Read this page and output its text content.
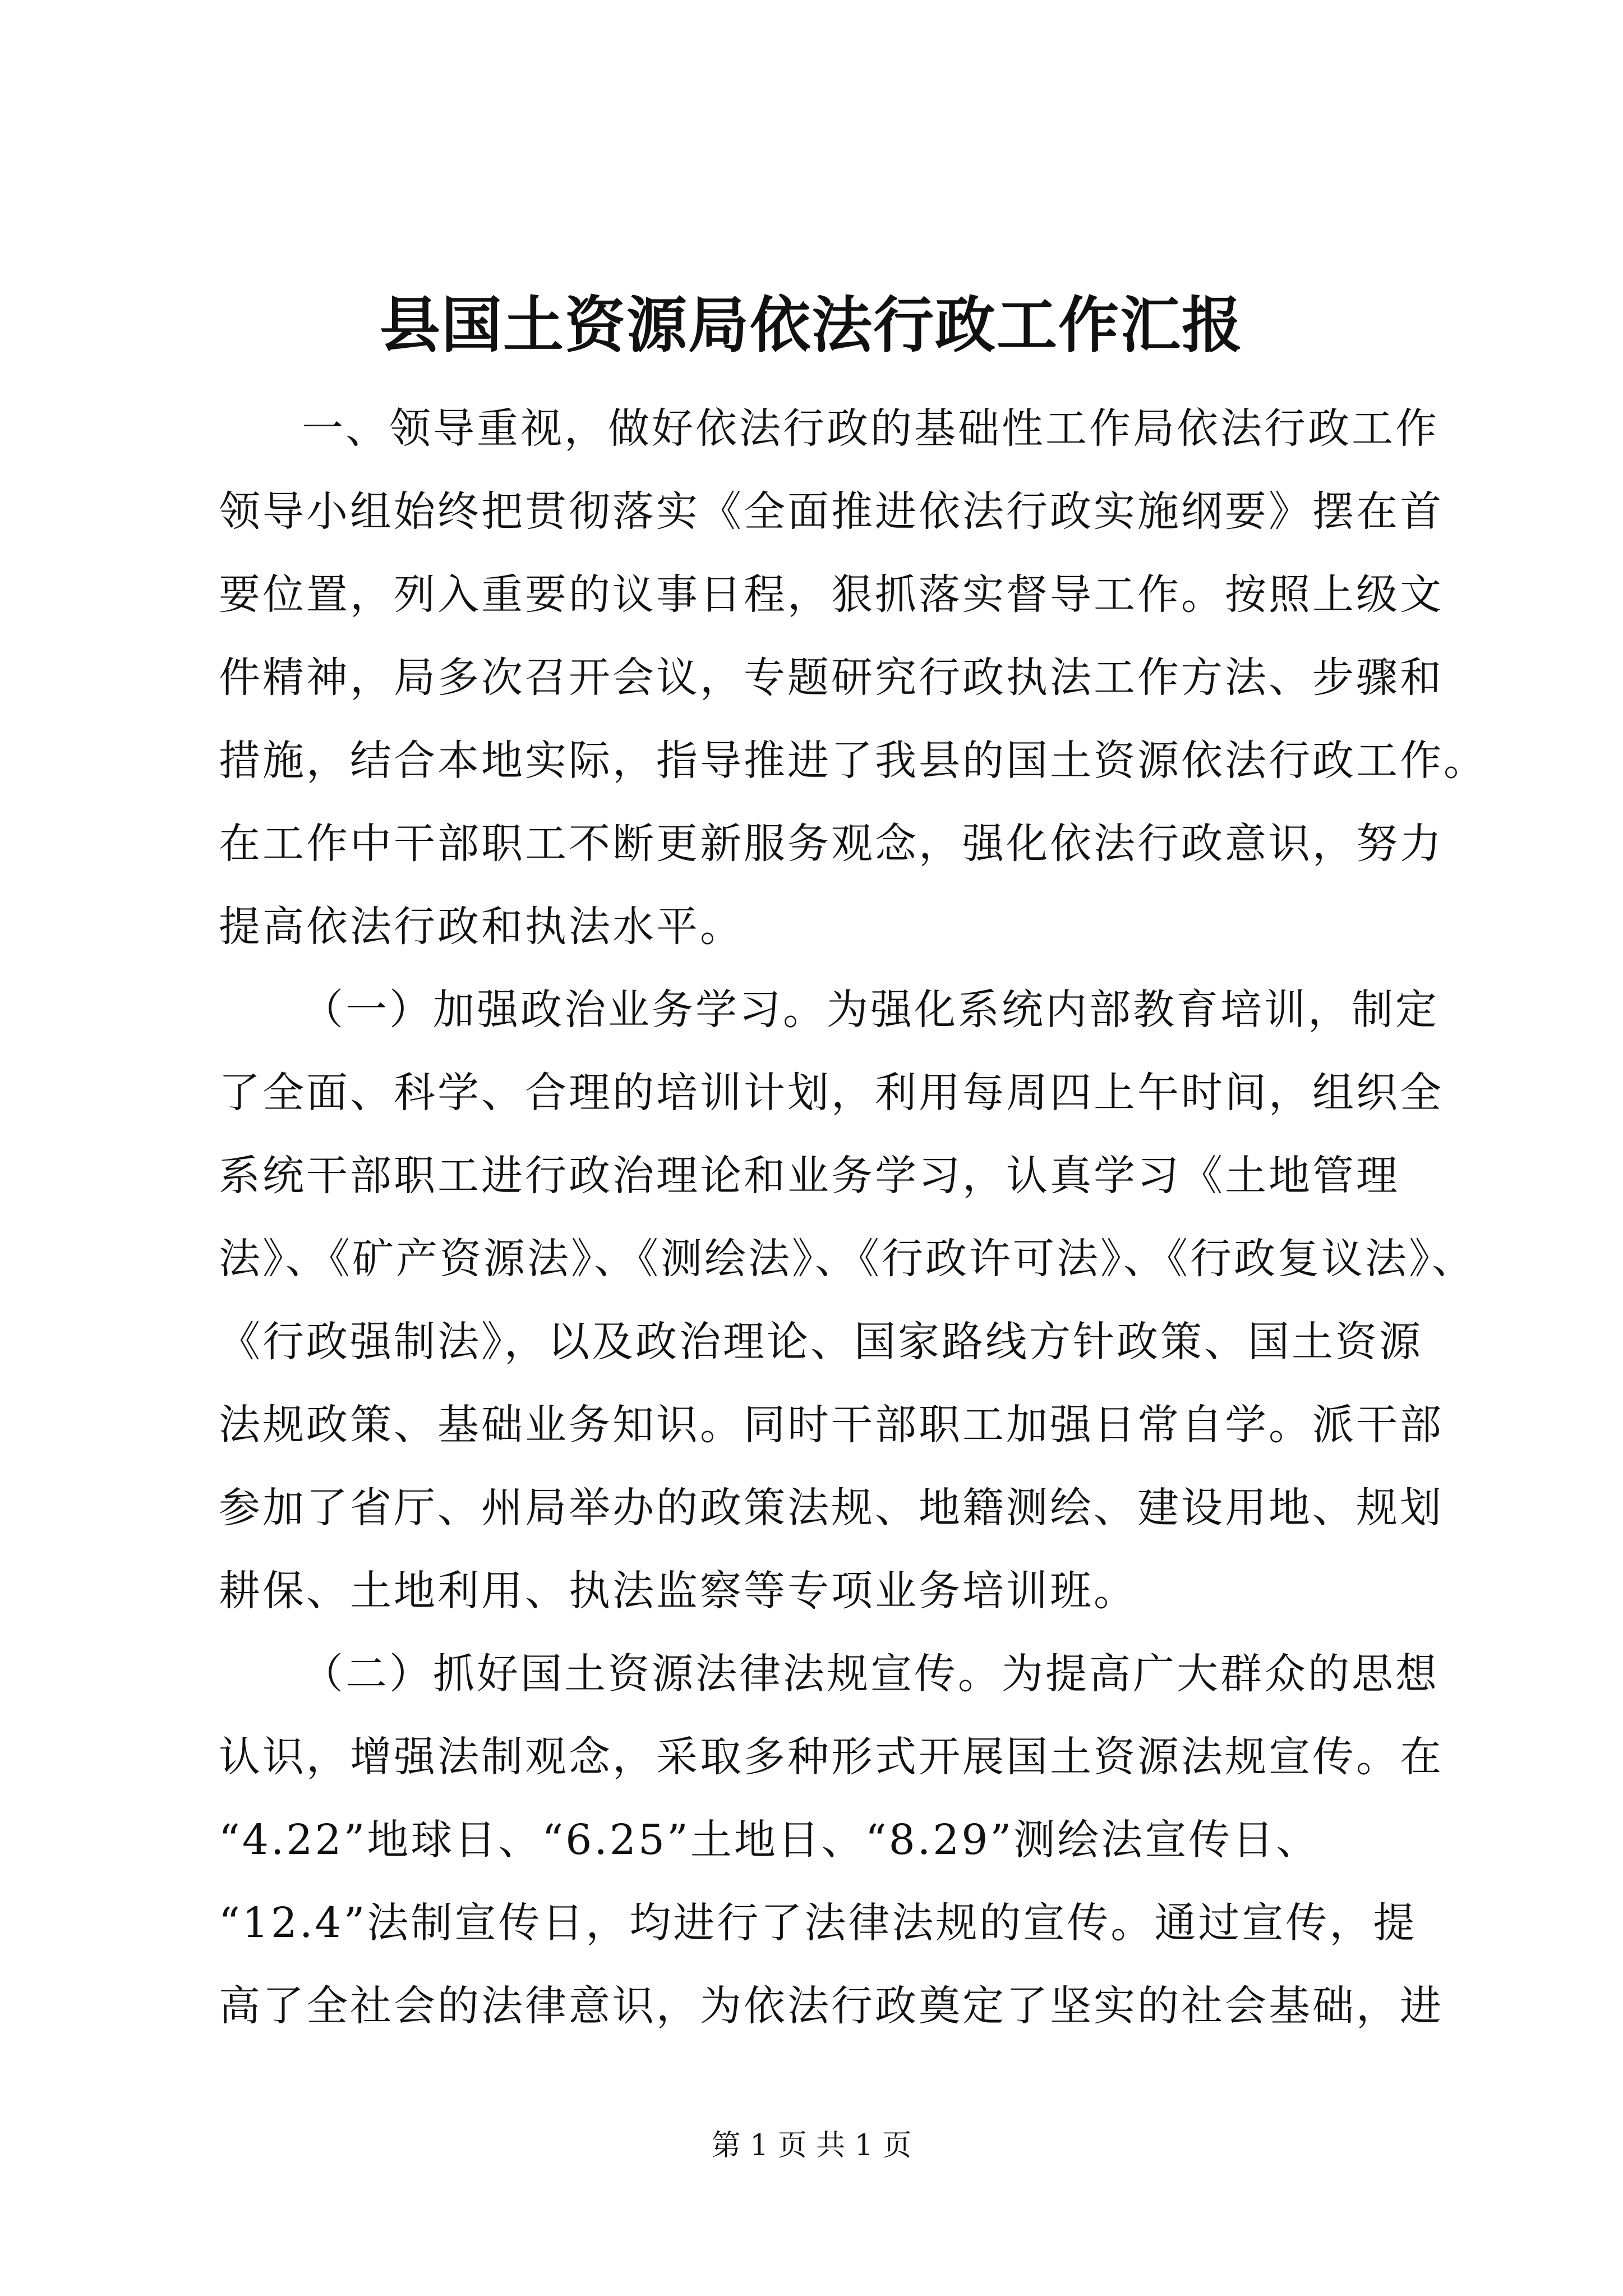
县国土资源局依法行政工作汇报
一、领导重视，做好依法行政的基础性工作局依法行政工作
领导小组始终把贯彻落实《全面推进依法行政实施纲要》摆在首
要位置，列入重要的议事日程，狠抓落实督导工作。按照上级文
件精神，局多次召开会议，专题研究行政执法工作方法、步骤和
措施，结合本地实际，指导推进了我县的国土资源依法行政工作。
在工作中干部职工不断更新服务观念，强化依法行政意识，努力
提高依法行政和执法水平。
（一）加强政治业务学习。为强化系统内部教育培训，制定
了全面、科学、合理的培训计划，利用每周四上午时间，组织全
系统干部职工进行政治理论和业务学习，认真学习《土地管理
法》、《矿产资源法》、《测绘法》、《行政许可法》、《行政复议法》、
《行政强制法》，以及政治理论、国家路线方针政策、国土资源
法规政策、基础业务知识。同时干部职工加强日常自学。派干部
参加了省厅、州局举办的政策法规、地籍测绘、建设用地、规划
耕保、土地利用、执法监察等专项业务培训班。
（二）抓好国土资源法律法规宣传。为提高广大群众的思想
认识，增强法制观念，采取多种形式开展国土资源法规宣传。在
“4.22”地球日、“6.25”土地日、“8.29”测绘法宣传日、
“12.4”法制宣传日，均进行了法律法规的宣传。通过宣传，提
高了全社会的法律意识，为依法行政奠定了坚实的社会基础，进
第 1 页 共 1 页
